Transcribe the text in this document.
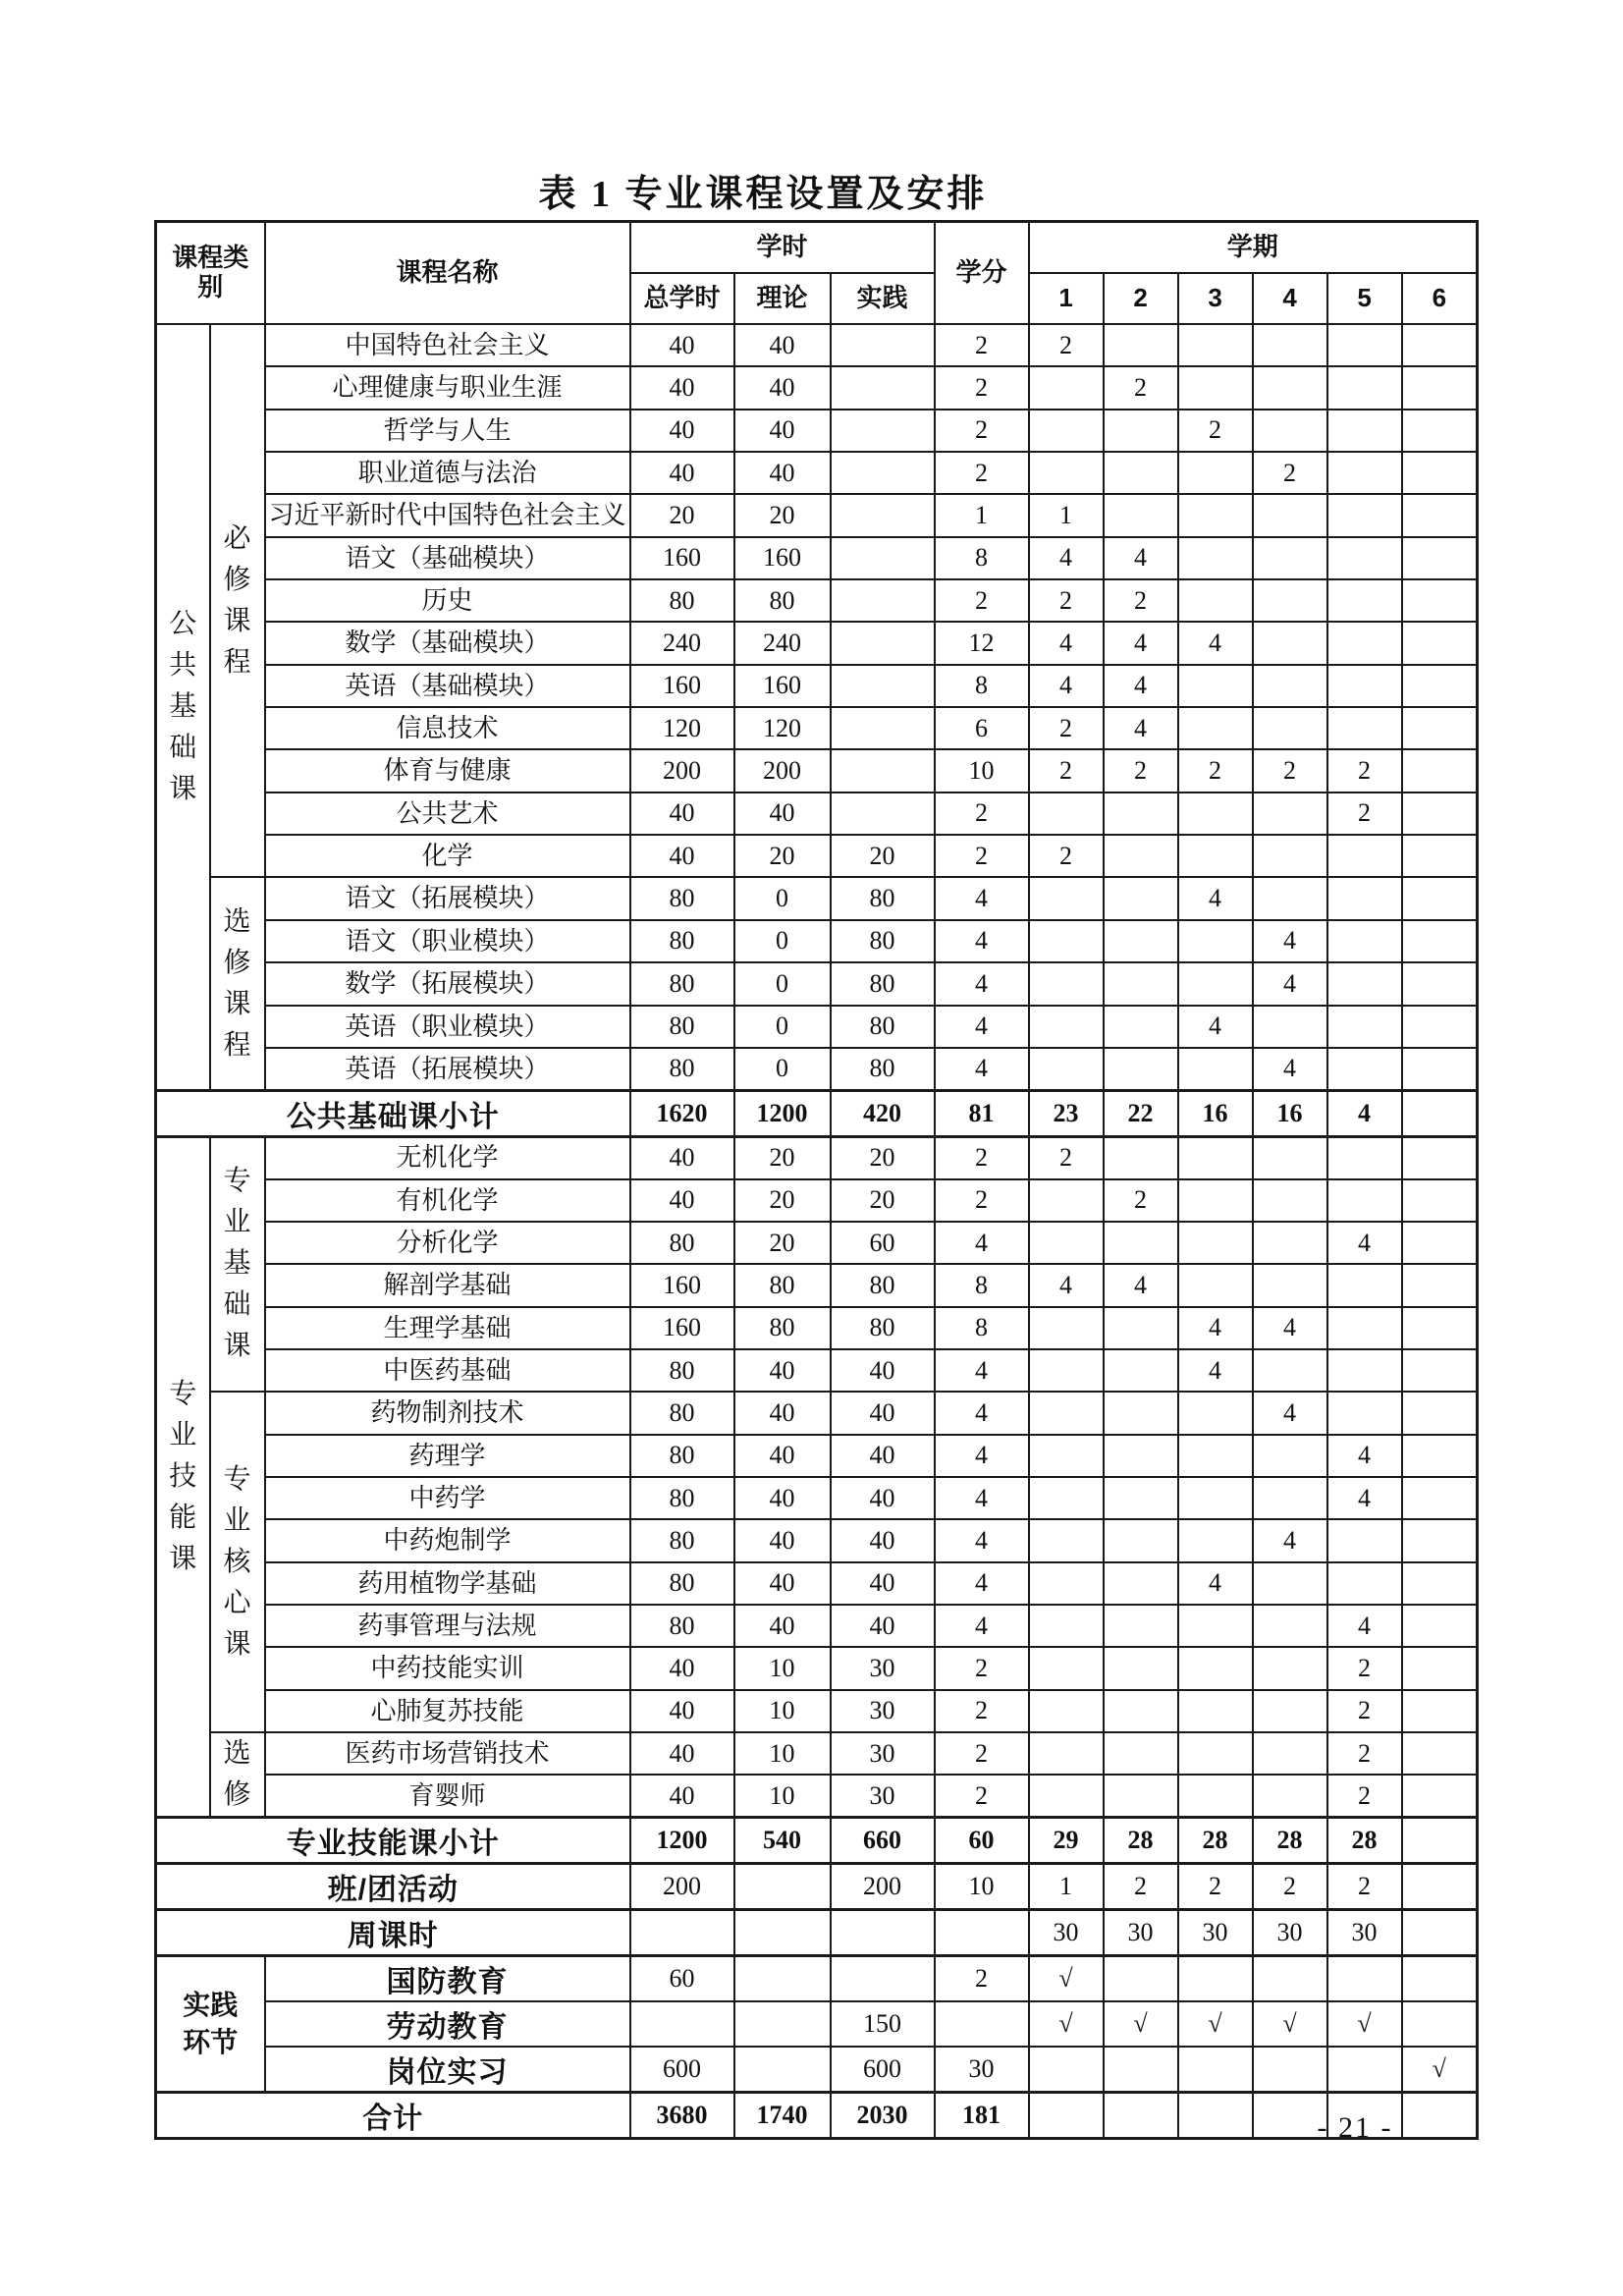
表 1 专业课程设置及安排
课程类别		课程名称	学时			学分	学期					
			总学时	理论	实践		1	2	3	4	5	6
公共基础课	必修课程	中国特色社会主义	40	40		2	2					
		心理健康与职业生涯	40	40		2		2				
		哲学与人生	40	40		2			2			
		职业道德与法治	40	40		2				2		
		习近平新时代中国特色社会主义	20	20		1	1					
		语文（基础模块）	160	160		8	4	4				
		历史	80	80		2	2	2				
		数学（基础模块）	240	240		12	4	4	4			
		英语（基础模块）	160	160		8	4	4				
		信息技术	120	120		6	2	4				
		体育与健康	200	200		10	2	2	2	2	2	
		公共艺术	40	40		2					2	
		化学	40	20	20	2	2					
	选修课程	语文（拓展模块）	80	0	80	4			4			
		语文（职业模块）	80	0	80	4				4		
		数学（拓展模块）	80	0	80	4				4		
		英语（职业模块）	80	0	80	4			4			
		英语（拓展模块）	80	0	80	4				4		
公共基础课小计			1620	1200	420	81	23	22	16	16	4	
专业技能课	专业基础课	无机化学	40	20	20	2	2					
		有机化学	40	20	20	2		2				
		分析化学	80	20	60	4					4	
		解剖学基础	160	80	80	8	4	4				
		生理学基础	160	80	80	8			4	4		
		中医药基础	80	40	40	4			4			
	专业核心课	药物制剂技术	80	40	40	4				4		
		药理学	80	40	40	4					4	
		中药学	80	40	40	4					4	
		中药炮制学	80	40	40	4				4		
		药用植物学基础	80	40	40	4			4			
		药事管理与法规	80	40	40	4					4	
		中药技能实训	40	10	30	2					2	
		心肺复苏技能	40	10	30	2					2	
	选修	医药市场营销技术	40	10	30	2					2	
		育婴师	40	10	30	2					2	
专业技能课小计			1200	540	660	60	29	28	28	28	28	
班/团活动			200		200	10	1	2	2	2	2	
周课时							30	30	30	30	30	
实践环节		国防教育	60			2	√					
		劳动教育			150		√	√	√	√	√	
		岗位实习	600		600	30						√
合计			3680	1740	2030	181							- 21 -
